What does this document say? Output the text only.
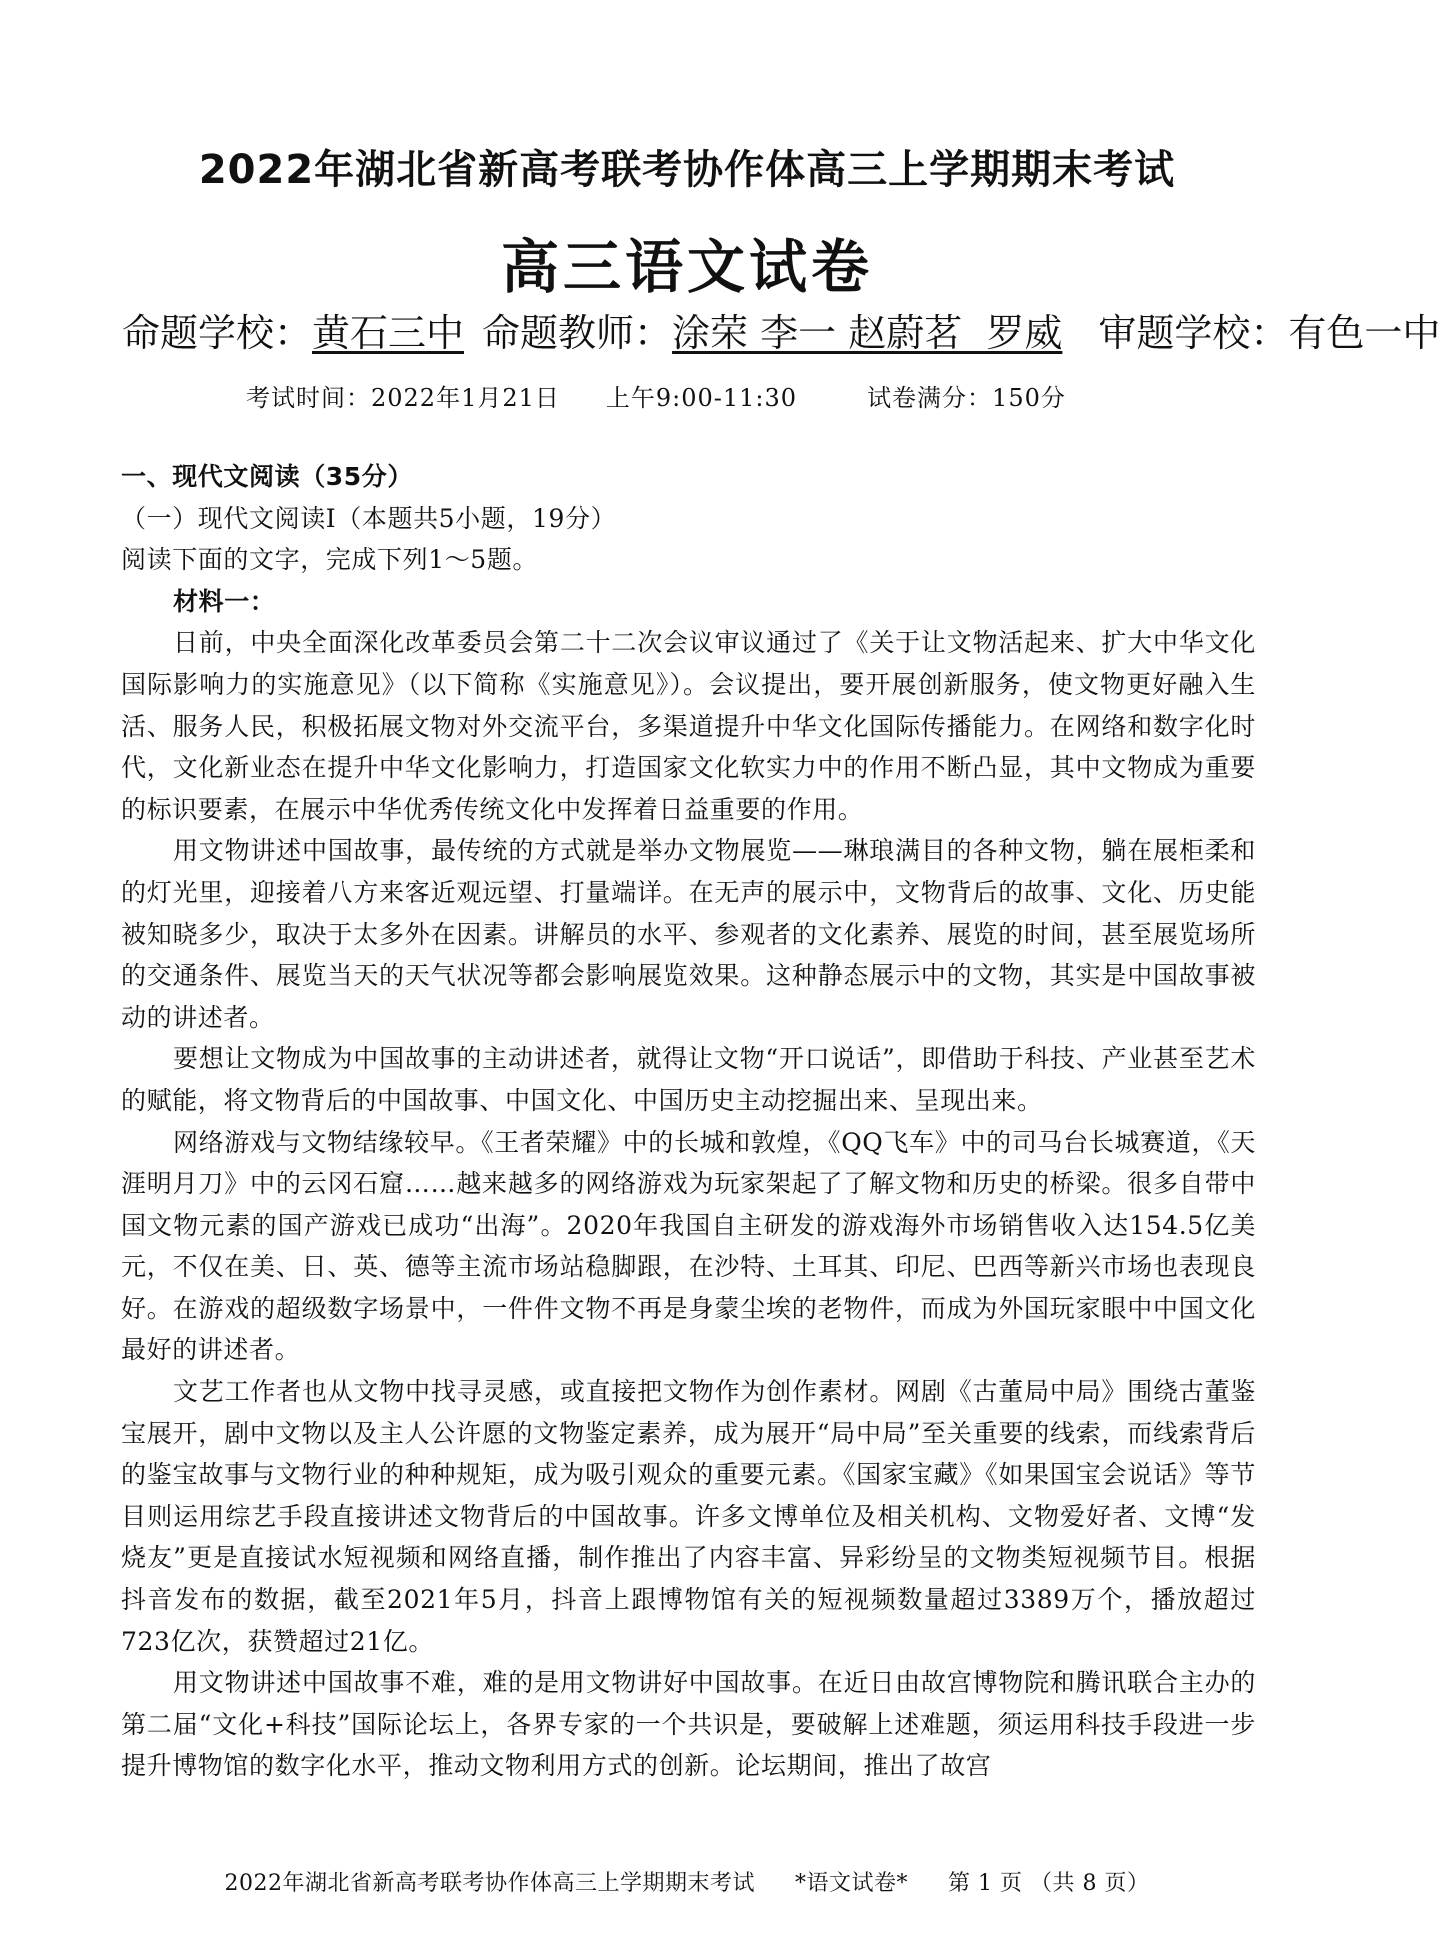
2022年湖北省新高考联考协作体高三上学期期末考试
高三语文试卷
命题学校：黄石三中 命题教师：涂荣 李一 赵蔚茗  罗威 审题学校：有色一中
考试时间：2022年1月21日 上午9:00-11:30	试卷满分：150分
一、现代文阅读（35分）
（一）现代文阅读Ⅰ（本题共5小题，19分）
阅读下面的文字，完成下列1～5题。
材料一：

日前，中央全面深化改革委员会第二十二次会议审议通过了《关于让文物活起来、扩大中华文化国际影响力的实施意见》（以下简称《实施意见》）。会议提出，要开展创新服务，使文物更好融入生活、服务人民，积极拓展文物对外交流平台，多渠道提升中华文化国际传播能力。在网络和数字化时代，文化新业态在提升中华文化影响力，打造国家文化软实力中的作用不断凸显，其中文物成为重要的标识要素，在展示中华优秀传统文化中发挥着日益重要的作用。

用文物讲述中国故事，最传统的方式就是举办文物展览——琳琅满目的各种文物，躺在展柜柔和的灯光里，迎接着八方来客近观远望、打量端详。在无声的展示中，文物背后的故事、文化、历史能被知晓多少，取决于太多外在因素。讲解员的水平、参观者的文化素养、展览的时间，甚至展览场所的交通条件、展览当天的天气状况等都会影响展览效果。这种静态展示中的文物，其实是中国故事被动的讲述者。

要想让文物成为中国故事的主动讲述者，就得让文物“开口说话”，即借助于科技、产业甚至艺术的赋能，将文物背后的中国故事、中国文化、中国历史主动挖掘出来、呈现出来。

网络游戏与文物结缘较早。《王者荣耀》中的长城和敦煌，《QQ飞车》中的司马台长城赛道，《天涯明月刀》中的云冈石窟……越来越多的网络游戏为玩家架起了了解文物和历史的桥梁。很多自带中国文物元素的国产游戏已成功“出海”。2020年我国自主研发的游戏海外市场销售收入达154.5亿美元，不仅在美、日、英、德等主流市场站稳脚跟，在沙特、土耳其、印尼、巴西等新兴市场也表现良好。在游戏的超级数字场景中，一件件文物不再是身蒙尘埃的老物件，而成为外国玩家眼中中国文化最好的讲述者。

文艺工作者也从文物中找寻灵感，或直接把文物作为创作素材。网剧《古董局中局》围绕古董鉴宝展开，剧中文物以及主人公许愿的文物鉴定素养，成为展开“局中局”至关重要的线索，而线索背后的鉴宝故事与文物行业的种种规矩，成为吸引观众的重要元素。《国家宝藏》《如果国宝会说话》等节目则运用综艺手段直接讲述文物背后的中国故事。许多文博单位及相关机构、文物爱好者、文博“发烧友”更是直接试水短视频和网络直播，制作推出了内容丰富、异彩纷呈的文物类短视频节目。根据抖音发布的数据，截至2021年5月，抖音上跟博物馆有关的短视频数量超过3389万个，播放超过723亿次，获赞超过21亿。

用文物讲述中国故事不难，难的是用文物讲好中国故事。在近日由故宫博物院和腾讯联合主办的第二届“文化+科技”国际论坛上，各界专家的一个共识是，要破解上述难题，须运用科技手段进一步提升博物馆的数字化水平，推动文物利用方式的创新。论坛期间，推出了故宫

2022年湖北省新高考联考协作体高三上学期期末考试 *语文试卷* 第 1 页 （共 8 页）
